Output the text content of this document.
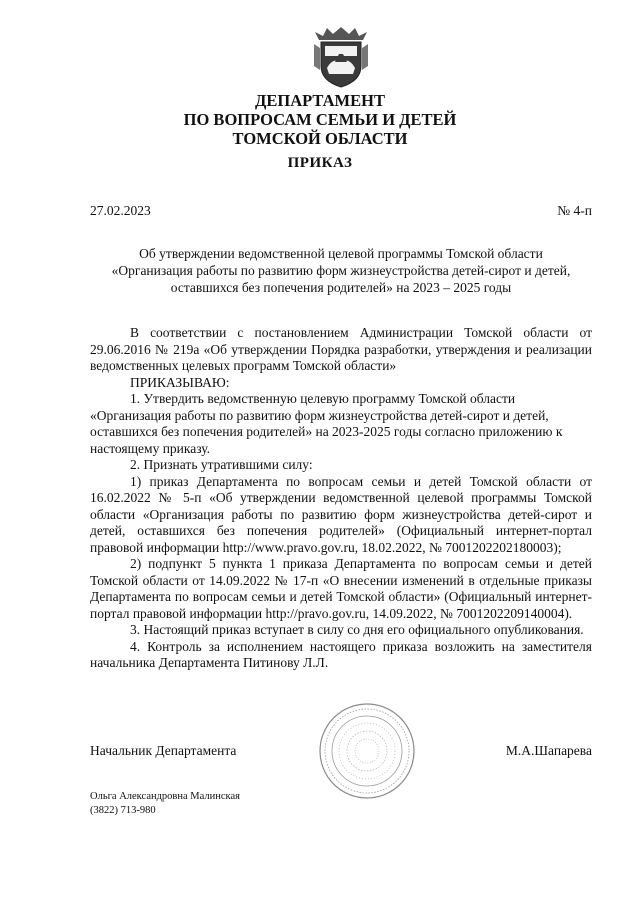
ДЕПАРТАМЕНТ
ПО ВОПРОСАМ СЕМЬИ И ДЕТЕЙ
ТОМСКОЙ ОБЛАСТИ
ПРИКАЗ
27.02.2023	№ 4-п
Об утверждении ведомственной целевой программы Томской области
«Организация работы по развитию форм жизнеустройства детей-сирот и детей,
оставшихся без попечения родителей» на 2023 – 2025 годы

В соответствии с постановлением Администрации Томской области от 29.06.2016 № 219а «Об утверждении Порядка разработки, утверждения и реализации ведомственных целевых программ Томской области»

ПРИКАЗЫВАЮ:

1. Утвердить ведомственную целевую программу Томской области

«Организация работы по развитию форм жизнеустройства детей-сирот и детей, оставшихся без попечения родителей» на 2023-2025 годы согласно приложению к настоящему приказу.

2. Признать утратившими силу:

1) приказ Департамента по вопросам семьи и детей Томской области от 16.02.2022 № 5-п «Об утверждении ведомственной целевой программы Томской области «Организация работы по развитию форм жизнеустройства детей-сирот и детей, оставшихся без попечения родителей» (Официальный интернет-портал правовой информации http://www.pravo.gov.ru, 18.02.2022, № 7001202202180003);

2) подпункт 5 пункта 1 приказа Департамента по вопросам семьи и детей Томской области от 14.09.2022 № 17-п «О внесении изменений в отдельные приказы Департамента по вопросам семьи и детей Томской области» (Официальный интернет-портал правовой информации http://pravo.gov.ru, 14.09.2022, № 7001202209140004).

3. Настоящий приказ вступает в силу со дня его официального опубликования.

4. Контроль за исполнением настоящего приказа возложить на заместителя начальника Департамента Питинову Л.Л.

Начальник Департамента	М.А.Шапарева
Ольга Александровна Малинская
(3822) 713-980
